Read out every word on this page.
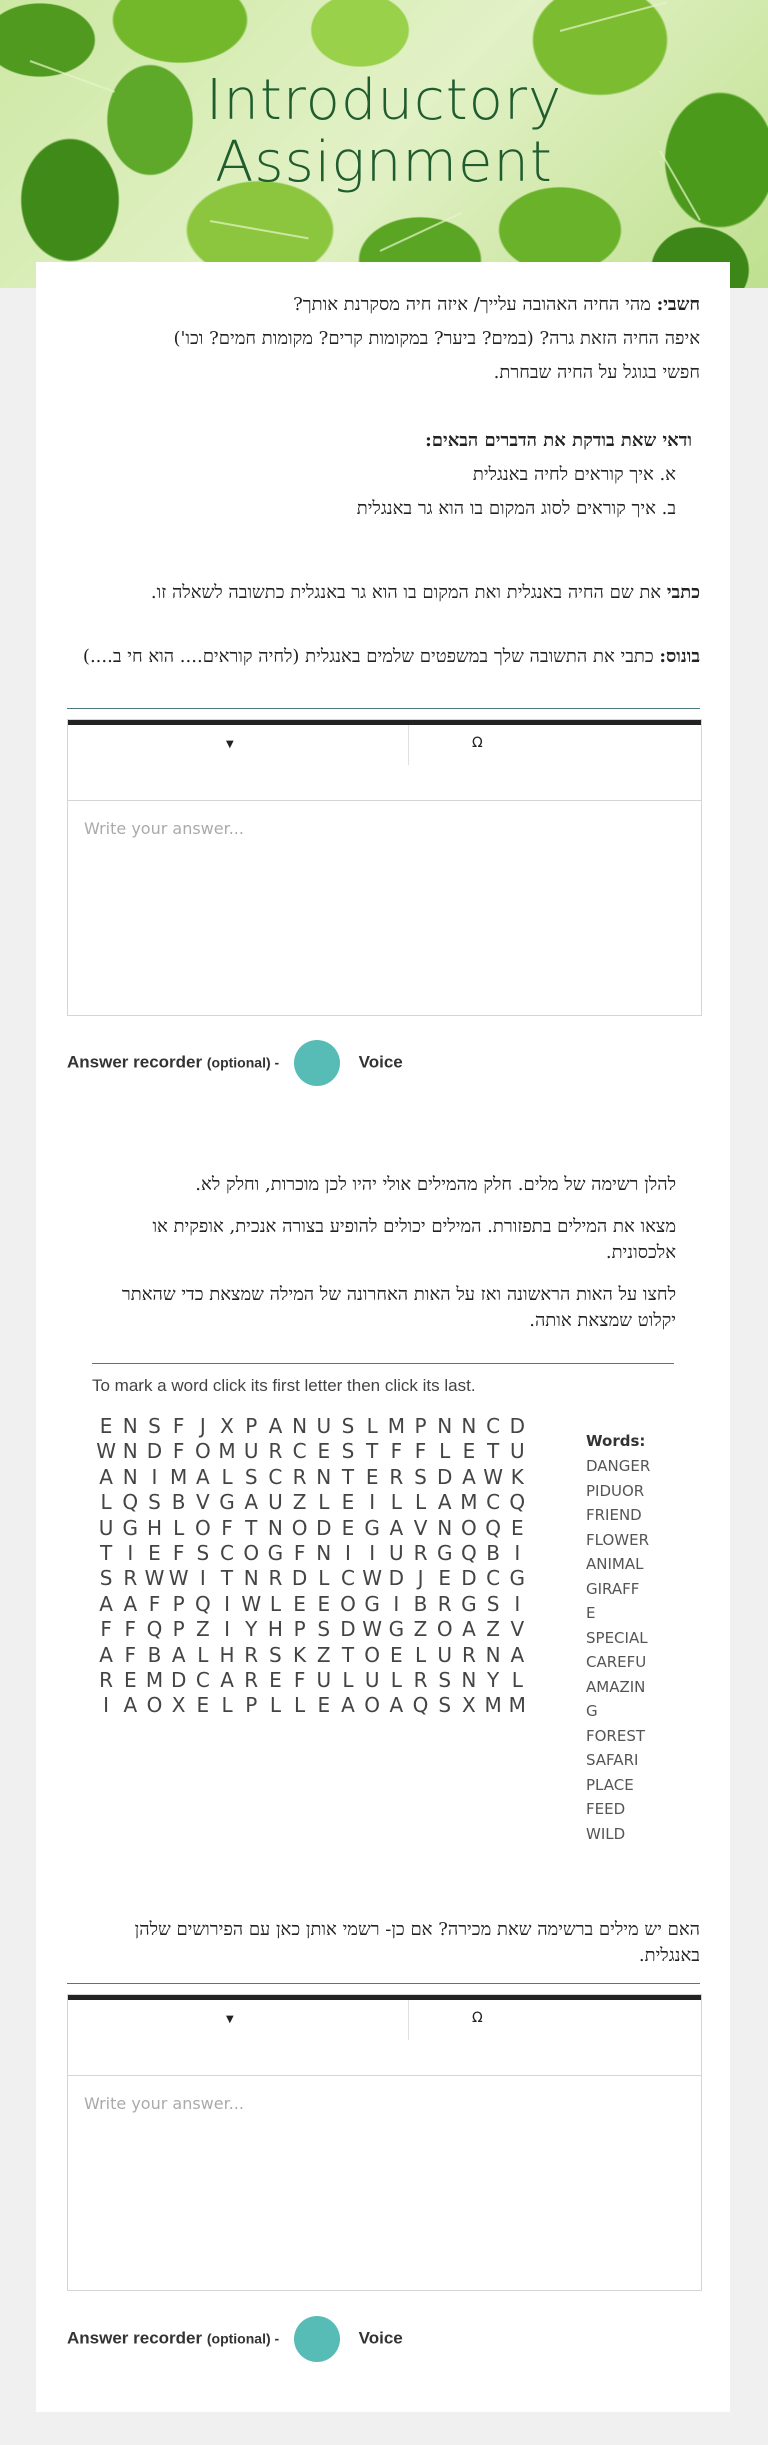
Introductory
Assignment
חשבי: מהי החיה האהובה עלייך/ איזה חיה מסקרנת אותך?
איפה החיה הזאת גרה? (במים? ביער? במקומות קרים? מקומות חמים? וכו')
חפשי בגוגל על החיה שבחרת.
ודאי שאת בודקת את הדברים הבאים:
א. איך קוראים לחיה באנגלית
ב. איך קוראים לסוג המקום בו הוא גר באנגלית
כתבי את שם החיה באנגלית ואת המקום בו הוא גר באנגלית כתשובה לשאלה זו.
בונוס: כתבי את התשובה שלך במשפטים שלמים באנגלית (לחיה קוראים.... הוא חי ב....)
▼	Ω
Write your answer...
Answer recorder (optional) -	Voice
להלן רשימה של מלים. חלק מהמילים אולי יהיו לכן מוכרות, וחלק לא.
מצאו את המילים בתפזורת. המילים יכולים להופיע בצורה אנכית, אופקית או אלכסונית.
לחצו על האות הראשונה ואז על האות האחרונה של המילה שמצאת כדי שהאתר יקלוט שמצאת אותה.
To mark a word click its first letter then click its last.
E N S F J X P A N U S L M P N N C D
W N D F O M U R C E S T F F L E T U
A N I M A L S C R N T E R S D A W K
L Q S B V G A U Z L E I L L A M C Q
U G H L O F T N O D E G A V N O Q E
T I E F S C O G F N I I U R G Q B I
S R W W I T N R D L C W D J E D C G
A A F P Q I W L E E O G I B R G S I
F F Q P Z I Y H P S D W G Z O A Z V
A F B A L H R S K Z T O E L U R N A
R E M D C A R E F U L U L R S N Y L
I A O X E L P L L E A O A Q S X M M
Words:
DANGER
PIDUOR
FRIEND
FLOWER
ANIMAL
GIRAFF
E
SPECIAL
CAREFU
AMAZIN
G
FOREST
SAFARI
PLACE
FEED
WILD
האם יש מילים ברשימה שאת מכירה? אם כן- רשמי אותן כאן עם הפירושים שלהן באנגלית.
▼	Ω
Write your answer...
Answer recorder (optional) -	Voice
